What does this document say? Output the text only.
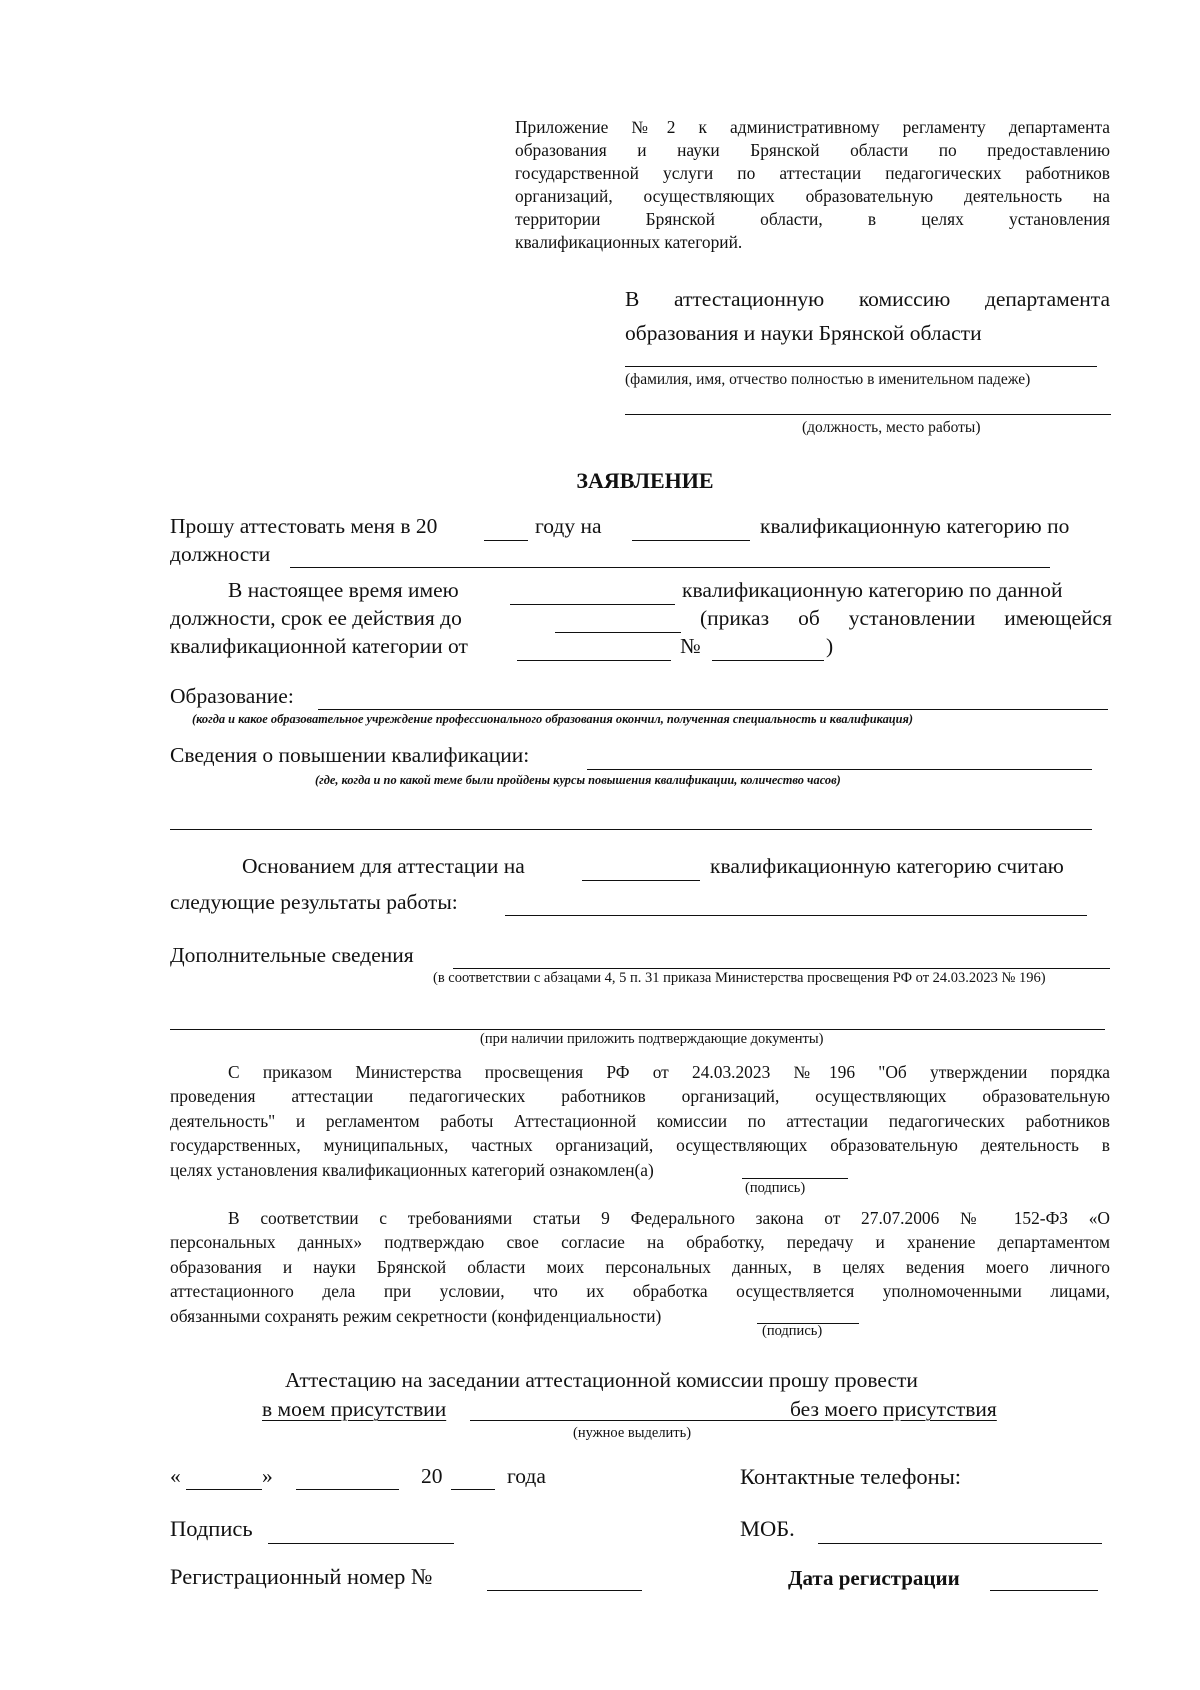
Приложение №2 к административному регламенту департамента
образования и науки Брянской области по предоставлению
государственной услуги по аттестации педагогических работников
организаций, осуществляющих образовательную деятельность на
территории Брянской области, в целях установления
квалификационных категорий.
В аттестационную комиссию департамента
образования и науки Брянской области
(фамилия, имя, отчество полностью в именительном падеже)
(должность, место работы)
ЗАЯВЛЕНИЕ
Прошу аттестовать меня в 20	году на	квалификационную категорию по
должности
В настоящее время имею	квалификационную категорию по данной
должности, срок ее действия до	(приказ об установлении имеющейся
квалификационной категории от	№	)
Образование:
(когда и какое образовательное учреждение профессионального образования окончил, полученная специальность и квалификация)
Сведения о повышении квалификации:
(где, когда и по какой теме были пройдены курсы повышения квалификации, количество часов)
Основанием для аттестации на	квалификационную категорию считаю
следующие результаты работы:
Дополнительные сведения
(в соответствии с абзацами 4, 5 п. 31 приказа Министерства просвещения РФ от 24.03.2023 № 196)
(при наличии приложить подтверждающие документы)
С приказом Министерства просвещения РФ от 24.03.2023 №196 "Об утверждении порядка
проведения аттестации педагогических работников организаций, осуществляющих образовательную
деятельность" и регламентом работы Аттестационной комиссии по аттестации педагогических работников
государственных, муниципальных, частных организаций, осуществляющих образовательную деятельность в
целях установления квалификационных категорий ознакомлен(а)
(подпись)
В соответствии с требованиями статьи 9 Федерального закона от 27.07.2006 № 152-ФЗ «О
персональных данных» подтверждаю свое согласие на обработку, передачу и хранение департаментом
образования и науки Брянской области моих персональных данных, в целях ведения моего личного
аттестационного дела при условии, что их обработка осуществляется уполномоченными лицами,
обязанными сохранять режим секретности (конфиденциальности)
(подпись)
Аттестацию на заседании аттестационной комиссии прошу провести
в моем присутствии	без моего присутствия
(нужное выделить)
«	»	20	года	Контактные телефоны:
Подпись	МОБ.
Регистрационный номер №	Дата регистрации
